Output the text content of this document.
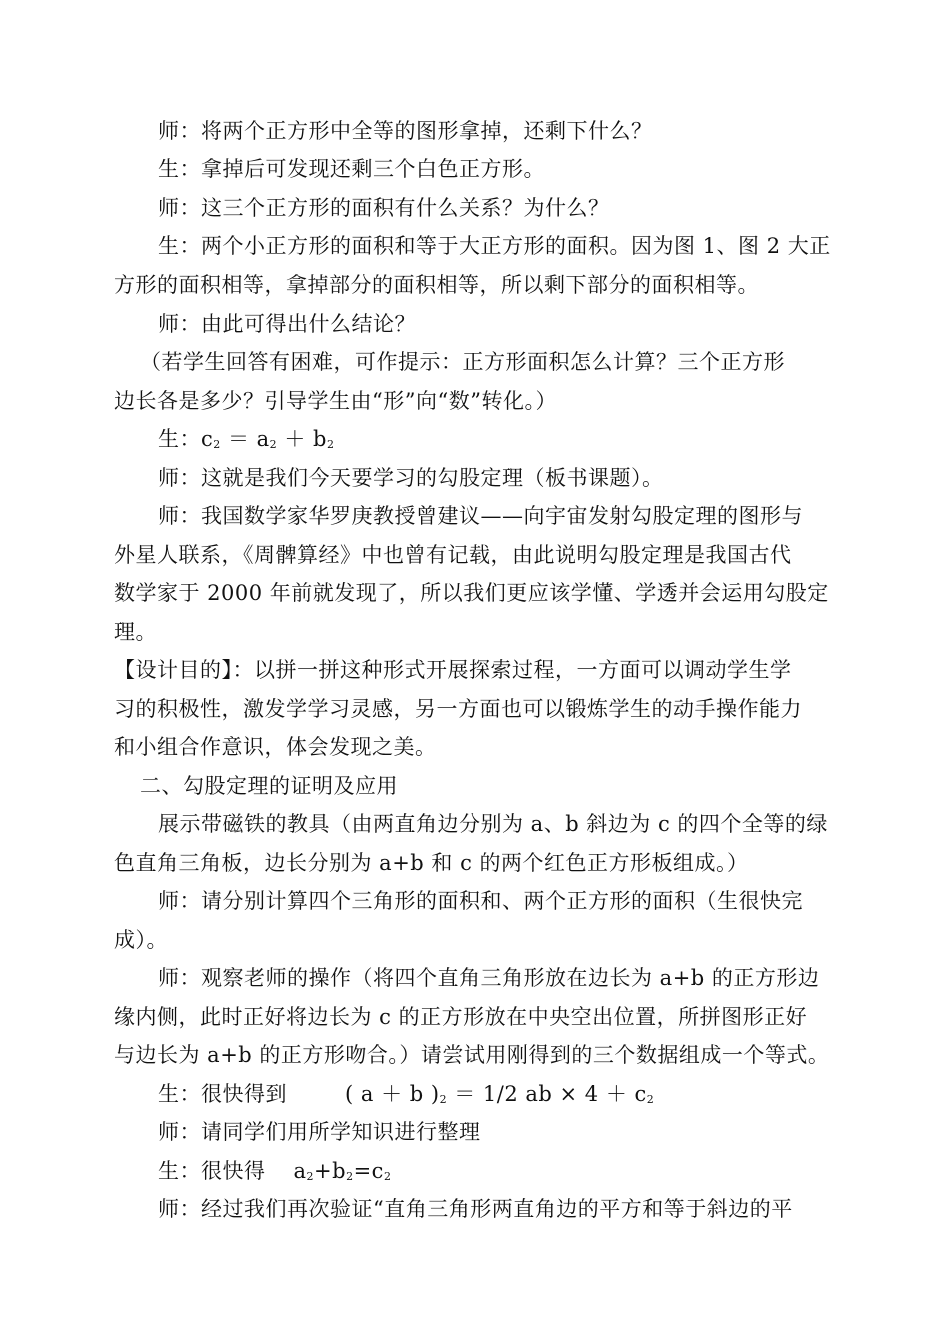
师：将两个正方形中全等的图形拿掉，还剩下什么？
生：拿掉后可发现还剩三个白色正方形。
师：这三个正方形的面积有什么关系？为什么？
生：两个小正方形的面积和等于大正方形的面积。因为图 1、图 2 大正
方形的面积相等，拿掉部分的面积相等，所以剩下部分的面积相等。
师：由此可得出什么结论？
（若学生回答有困难，可作提示：正方形面积怎么计算？三个正方形
边长各是多少？引导学生由“形”向“数”转化。）
生：c2 ＝ a2 ＋ b2
师：这就是我们今天要学习的勾股定理（板书课题）。
师：我国数学家华罗庚教授曾建议——向宇宙发射勾股定理的图形与
外星人联系，《周髀算经》中也曾有记载，由此说明勾股定理是我国古代
数学家于 2000 年前就发现了，所以我们更应该学懂、学透并会运用勾股定
理。
【设计目的】：以拼一拼这种形式开展探索过程，一方面可以调动学生学
习的积极性，激发学学习灵感，另一方面也可以锻炼学生的动手操作能力
和小组合作意识，体会发现之美。
二、勾股定理的证明及应用
展示带磁铁的教具（由两直角边分别为 a、b 斜边为 c 的四个全等的绿
色直角三角板，边长分别为 a+b 和 c 的两个红色正方形板组成。）
师：请分别计算四个三角形的面积和、两个正方形的面积（生很快完
成）。
师：观察老师的操作（将四个直角三角形放在边长为 a+b 的正方形边
缘内侧，此时正好将边长为 c 的正方形放在中央空出位置，所拼图形正好
与边长为 a+b 的正方形吻合。）请尝试用刚得到的三个数据组成一个等式。
生：很快得到	( a ＋ b )2 ＝ 1/2 ab × 4 ＋ c2
师：请同学们用所学知识进行整理
生：很快得 a2+b2=c2
师：经过我们再次验证“直角三角形两直角边的平方和等于斜边的平
